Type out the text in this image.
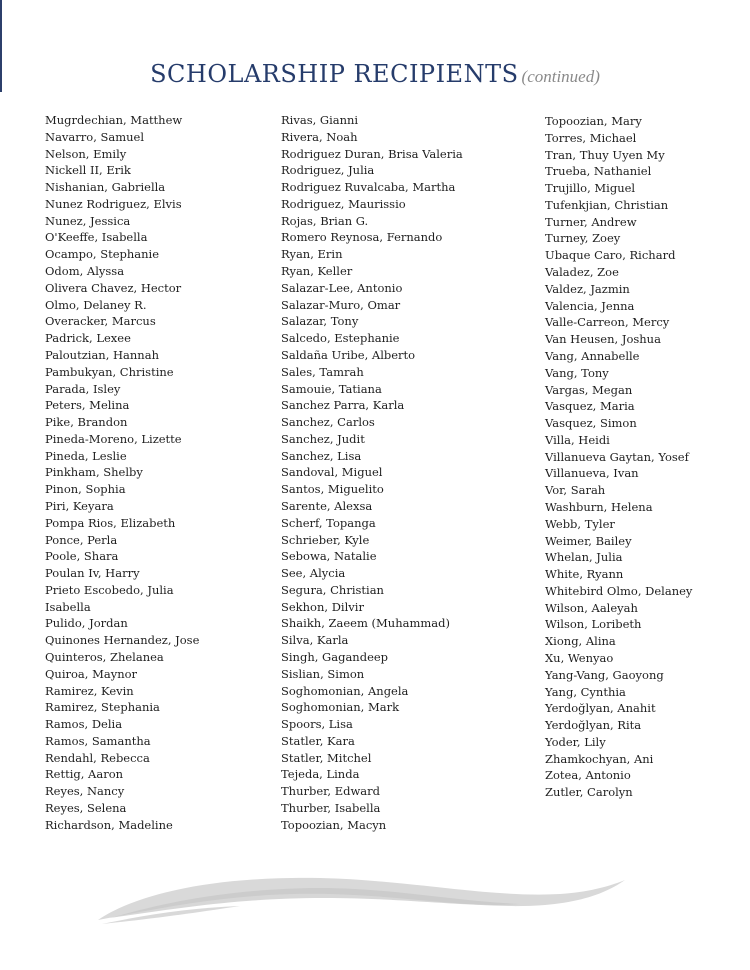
SCHOLARSHIP RECIPIENTS (continued)
Mugrdechian, Matthew
Navarro, Samuel
Nelson, Emily
Nickell II, Erik
Nishanian, Gabriella
Nunez Rodriguez, Elvis
Nunez, Jessica
O'Keeffe, Isabella
Ocampo, Stephanie
Odom, Alyssa
Olivera Chavez, Hector
Olmo, Delaney R.
Overacker, Marcus
Padrick, Lexee
Paloutzian, Hannah
Pambukyan, Christine
Parada, Isley
Peters, Melina
Pike, Brandon
Pineda-Moreno, Lizette
Pineda, Leslie
Pinkham, Shelby
Pinon, Sophia
Piri, Keyara
Pompa Rios, Elizabeth
Ponce, Perla
Poole, Shara
Poulan Iv, Harry
Prieto Escobedo, Julia
Isabella
Pulido, Jordan
Quinones Hernandez, Jose
Quinteros, Zhelanea
Quiroa, Maynor
Ramirez, Kevin
Ramirez, Stephania
Ramos, Delia
Ramos, Samantha
Rendahl, Rebecca
Rettig, Aaron
Reyes, Nancy
Reyes, Selena
Richardson, Madeline
Rivas, Gianni
Rivera, Noah
Rodriguez Duran, Brisa Valeria
Rodriguez, Julia
Rodriguez Ruvalcaba, Martha
Rodriguez, Maurissio
Rojas, Brian G.
Romero Reynosa, Fernando
Ryan, Erin
Ryan, Keller
Salazar-Lee, Antonio
Salazar-Muro, Omar
Salazar, Tony
Salcedo, Estephanie
Saldaña Uribe, Alberto
Sales, Tamrah
Samouie, Tatiana
Sanchez Parra, Karla
Sanchez, Carlos
Sanchez, Judit
Sanchez, Lisa
Sandoval, Miguel
Santos, Miguelito
Sarente, Alexsa
Scherf, Topanga
Schrieber, Kyle
Sebowa, Natalie
See, Alycia
Segura, Christian
Sekhon, Dilvir
Shaikh, Zaeem (Muhammad)
Silva, Karla
Singh, Gagandeep
Sislian, Simon
Soghomonian, Angela
Soghomonian, Mark
Spoors, Lisa
Statler, Kara
Statler, Mitchel
Tejeda, Linda
Thurber, Edward
Thurber, Isabella
Topoozian, Macyn
Topoozian, Mary
Torres, Michael
Tran, Thuy Uyen My
Trueba, Nathaniel
Trujillo, Miguel
Tufenkjian, Christian
Turner, Andrew
Turney, Zoey
Ubaque Caro, Richard
Valadez, Zoe
Valdez, Jazmin
Valencia, Jenna
Valle-Carreon, Mercy
Van Heusen, Joshua
Vang, Annabelle
Vang, Tony
Vargas, Megan
Vasquez, Maria
Vasquez, Simon
Villa, Heidi
Villanueva Gaytan, Yosef
Villanueva, Ivan
Vor, Sarah
Washburn, Helena
Webb, Tyler
Weimer, Bailey
Whelan, Julia
White, Ryann
Whitebird Olmo, Delaney
Wilson, Aaleyah
Wilson, Loribeth
Xiong, Alina
Xu, Wenyao
Yang-Vang, Gaoyong
Yang, Cynthia
Yerdoğlyan, Anahit
Yerdoğlyan, Rita
Yoder, Lily
Zhamkochyan, Ani
Zotea, Antonio
Zutler, Carolyn
